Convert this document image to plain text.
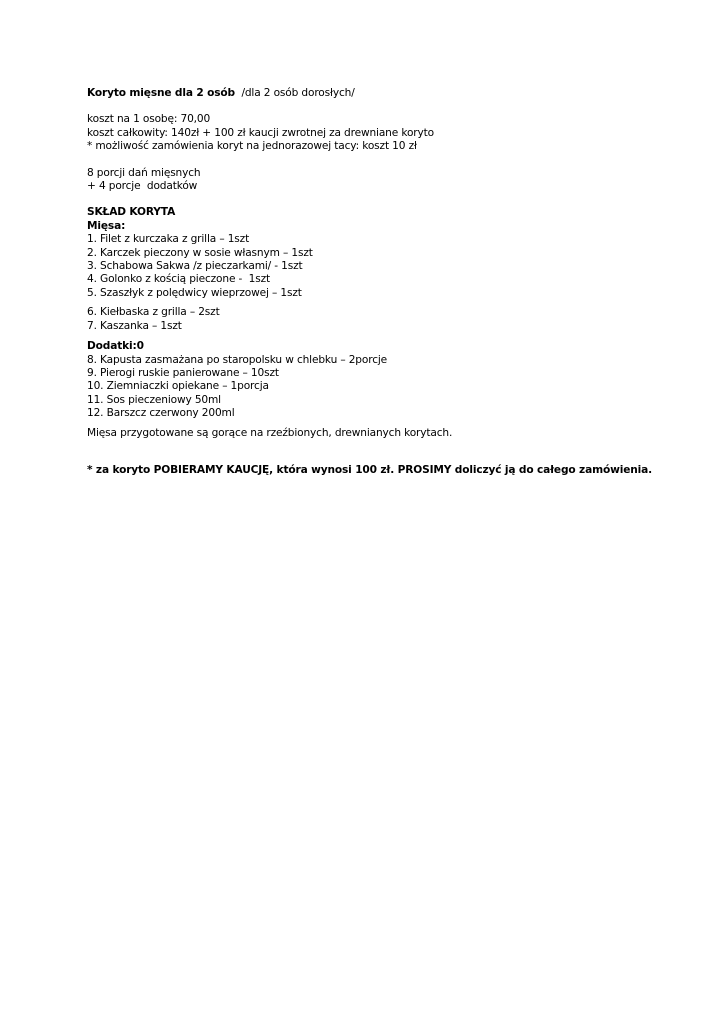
Koryto mięsne dla 2 osób /dla 2 osób dorosłych/

koszt na 1 osobę: 70,00

koszt całkowity: 140zł + 100 zł kaucji zwrotnej za drewniane koryto

* możliwość zamówienia koryt na jednorazowej tacy: koszt 10 zł

8 porcji dań mięsnych

+ 4 porcje  dodatków

SKŁAD KORYTA

Mięsa:

1. Filet z kurczaka z grilla – 1szt

2. Karczek pieczony w sosie własnym – 1szt

3. Schabowa Sakwa /z pieczarkami/ - 1szt

4. Golonko z kością pieczone -  1szt

5. Szaszłyk z polędwicy wieprzowej – 1szt

6. Kiełbaska z grilla – 2szt

7. Kaszanka – 1szt

Dodatki:0

8. Kapusta zasmażana po staropolsku w chlebku – 2porcje

9. Pierogi ruskie panierowane – 10szt

10. Ziemniaczki opiekane – 1porcja

11. Sos pieczeniowy 50ml

12. Barszcz czerwony 200ml

Mięsa przygotowane są gorące na rzeźbionych, drewnianych korytach.

* za koryto POBIERAMY KAUCJĘ, która wynosi 100 zł. PROSIMY doliczyć ją do całego zamówienia.
